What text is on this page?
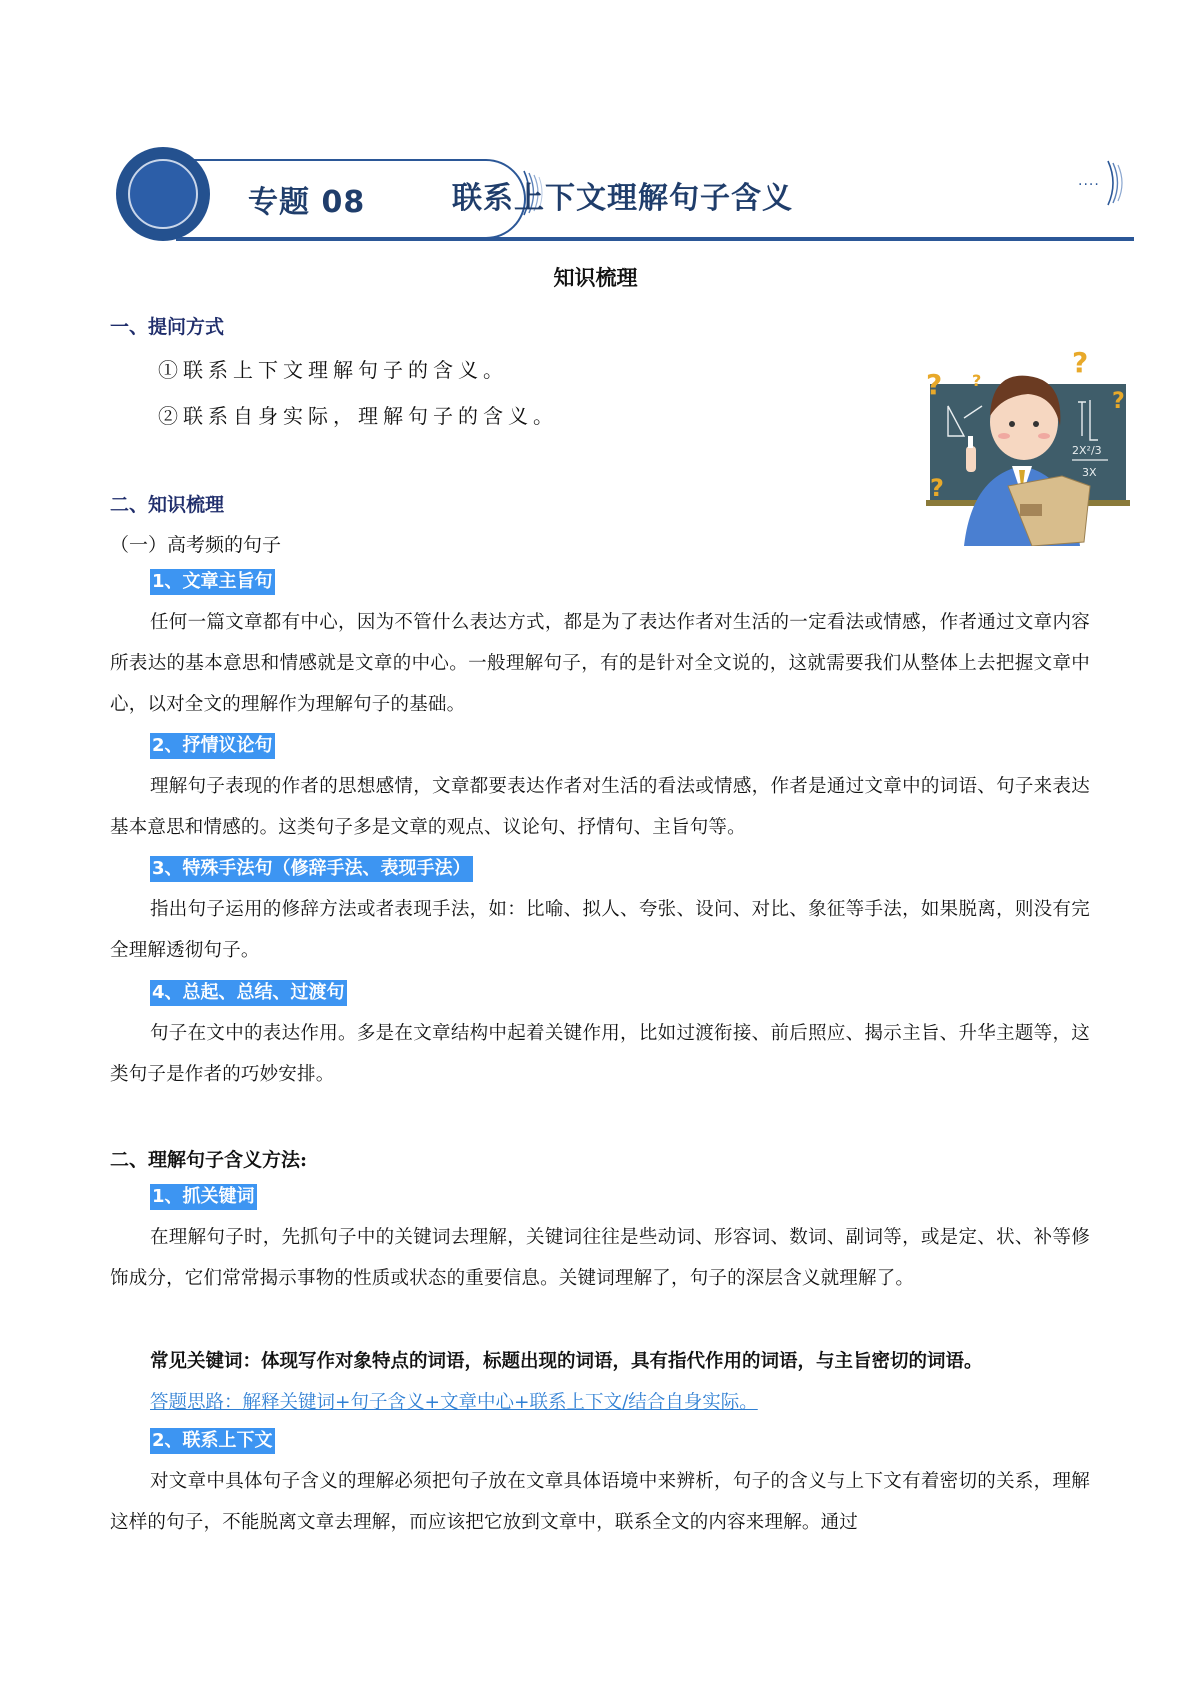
专题 08	联系上下文理解句子含义	····
知识梳理
一、提问方式
①联系上下文理解句子的含义。
②联系自身实际，理解句子的含义。
2X²/3
3X
? ?
?
?
?
二、知识梳理
（一）高考频的句子
1、文章主旨句
任何一篇文章都有中心，因为不管什么表达方式，都是为了表达作者对生活的一定看法或情感，作者通过文章内容所表达的基本意思和情感就是文章的中心。一般理解句子，有的是针对全文说的，这就需要我们从整体上去把握文章中心，以对全文的理解作为理解句子的基础。
2、抒情议论句
理解句子表现的作者的思想感情，文章都要表达作者对生活的看法或情感，作者是通过文章中的词语、句子来表达基本意思和情感的。这类句子多是文章的观点、议论句、抒情句、主旨句等。
3、特殊手法句（修辞手法、表现手法）
指出句子运用的修辞方法或者表现手法，如：比喻、拟人、夸张、设问、对比、象征等手法，如果脱离，则没有完全理解透彻句子。
4、总起、总结、过渡句
句子在文中的表达作用。多是在文章结构中起着关键作用，比如过渡衔接、前后照应、揭示主旨、升华主题等，这类句子是作者的巧妙安排。
二、理解句子含义方法:
1、抓关键词
在理解句子时，先抓句子中的关键词去理解，关键词往往是些动词、形容词、数词、副词等，或是定、状、补等修饰成分，它们常常揭示事物的性质或状态的重要信息。关键词理解了，句子的深层含义就理解了。
常见关键词：体现写作对象特点的词语，标题出现的词语，具有指代作用的词语，与主旨密切的词语。
答题思路：解释关键词+句子含义+文章中心+联系上下文/结合自身实际。
2、联系上下文
对文章中具体句子含义的理解必须把句子放在文章具体语境中来辨析，句子的含义与上下文有着密切的关系，理解这样的句子，不能脱离文章去理解，而应该把它放到文章中，联系全文的内容来理解。通过
